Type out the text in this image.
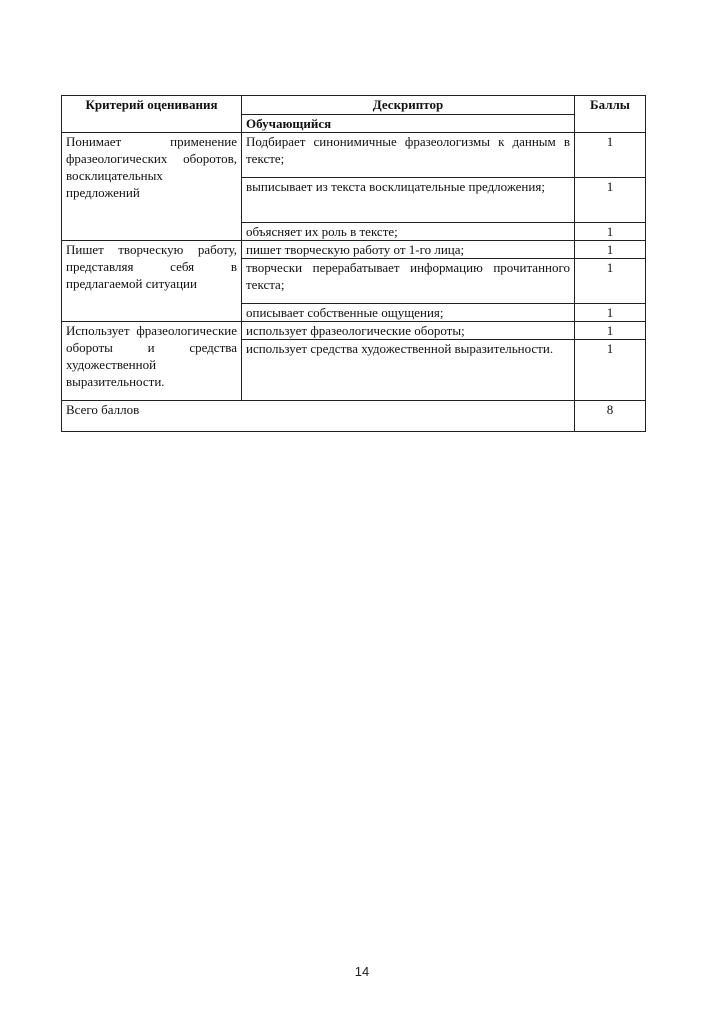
Критерий оценивания	Дескриптор	Баллы
	Обучающийся	
Понимает применение фразеологических оборотов, восклицательных предложений	Подбирает синонимичные фразеологизмы к данным в тексте;	1
	выписывает из текста восклицательные предложения;	1
	объясняет их роль в тексте;	1
Пишет творческую работу, представляя себя в предлагаемой ситуации	пишет творческую работу от 1-го лица;	1
	творчески перерабатывает информацию прочитанного текста;	1
	описывает собственные ощущения;	1
Использует фразеологические обороты и средства художественной выразительности.	использует фразеологические обороты;	1
	использует средства художественной выразительности.	1
Всего баллов		8
14
